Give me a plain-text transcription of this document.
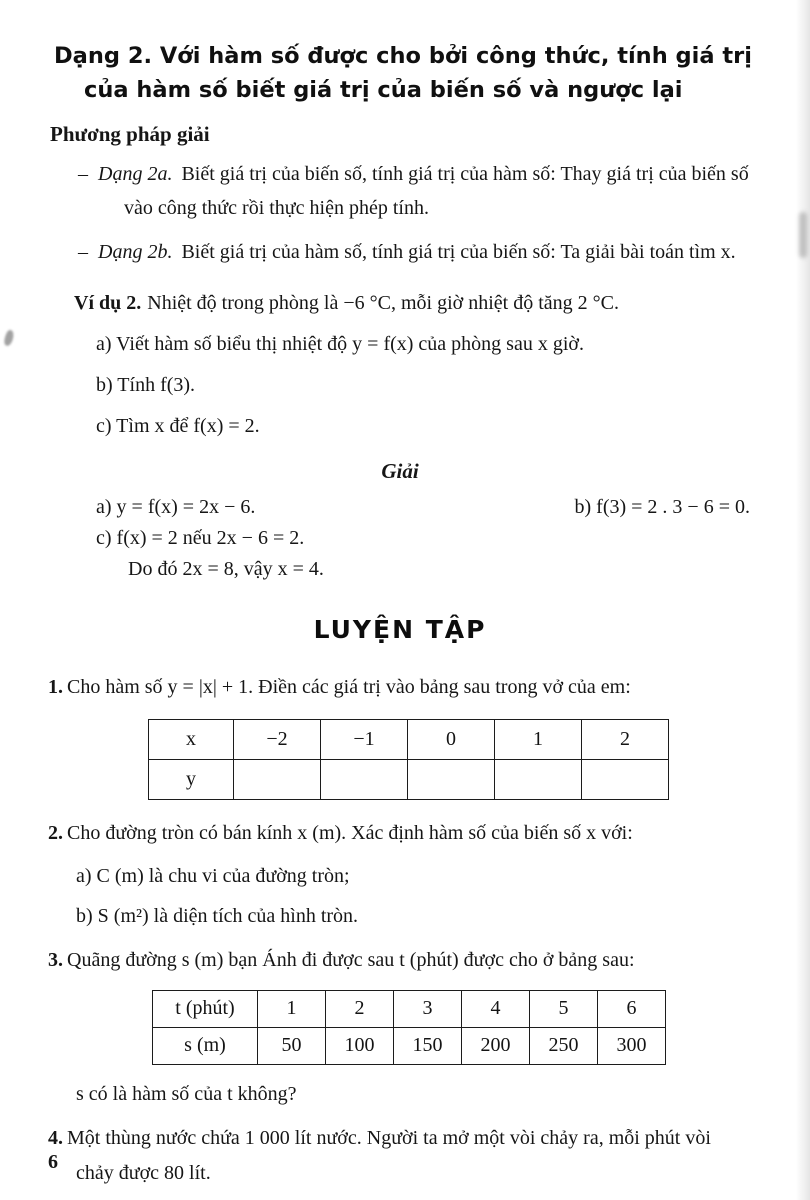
Dạng 2. Với hàm số được cho bởi công thức, tính giá trị của hàm số biết giá trị của biến số và ngược lại
Phương pháp giải
– Dạng 2a. Biết giá trị của biến số, tính giá trị của hàm số: Thay giá trị của biến số vào công thức rồi thực hiện phép tính.
– Dạng 2b. Biết giá trị của hàm số, tính giá trị của biến số: Ta giải bài toán tìm x.
Ví dụ 2. Nhiệt độ trong phòng là −6 °C, mỗi giờ nhiệt độ tăng 2 °C.
a) Viết hàm số biểu thị nhiệt độ y = f(x) của phòng sau x giờ.
b) Tính f(3).
c) Tìm x để f(x) = 2.
Giải
a) y = f(x) = 2x − 6.	b) f(3) = 2 . 3 − 6 = 0.
c) f(x) = 2 nếu 2x − 6 = 2.
Do đó 2x = 8, vậy x = 4.
LUYỆN TẬP
1. Cho hàm số y = |x| + 1. Điền các giá trị vào bảng sau trong vở của em:
x	−2	−1	0	1	2
y					
2. Cho đường tròn có bán kính x (m). Xác định hàm số của biến số x với:
a) C (m) là chu vi của đường tròn;
b) S (m²) là diện tích của hình tròn.
3. Quãng đường s (m) bạn Ánh đi được sau t (phút) được cho ở bảng sau:
t (phút)	1	2	3	4	5	6
s (m)	50	100	150	200	250	300
s có là hàm số của t không?
4. Một thùng nước chứa 1 000 lít nước. Người ta mở một vòi chảy ra, mỗi phút vòi chảy được 80 lít.
6
